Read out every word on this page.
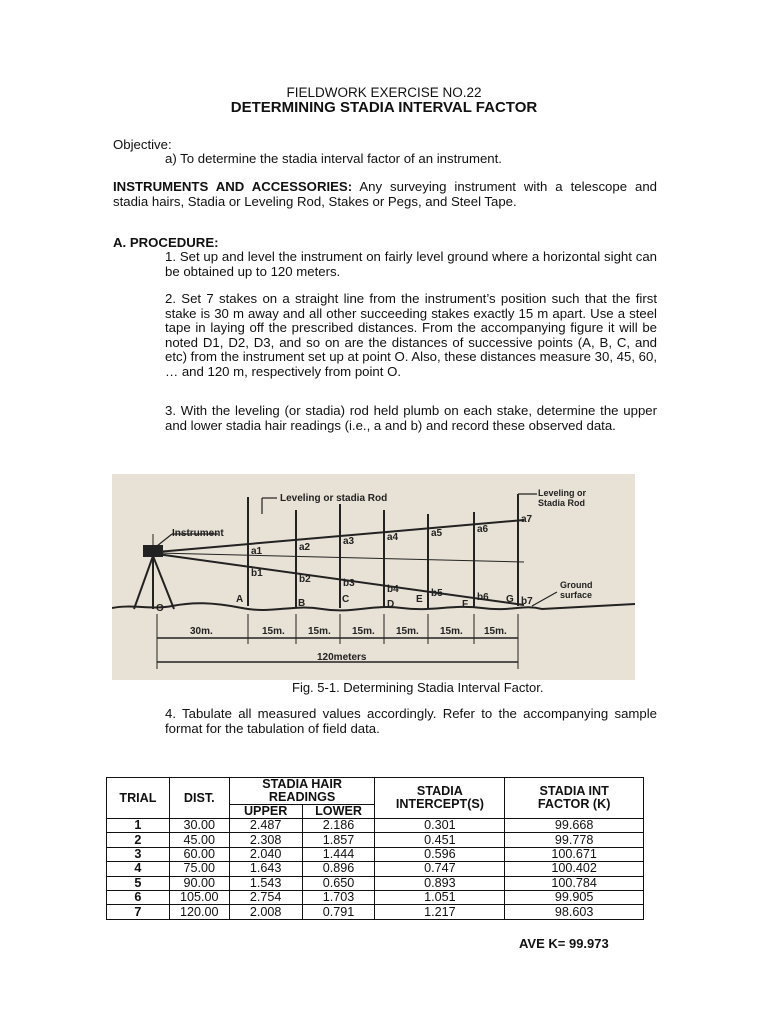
FIELDWORK EXERCISE NO.22
DETERMINING STADIA INTERVAL FACTOR
Objective:
a) To determine the stadia interval factor of an instrument.
INSTRUMENTS AND ACCESSORIES: Any surveying instrument with a telescope and stadia hairs, Stadia or Leveling Rod, Stakes or Pegs, and Steel Tape.
A. PROCEDURE:
1. Set up and level the instrument on fairly level ground where a horizontal sight can be obtained up to 120 meters.
2. Set 7 stakes on a straight line from the instrument’s position such that the first stake is 30 m away and all other succeeding stakes exactly 15 m apart. Use a steel tape in laying off the prescribed distances. From the accompanying figure it will be noted D1, D2, D3, and so on are the distances of successive points (A, B, C, and etc) from the instrument set up at point O. Also, these distances measure 30, 45, 60, … and 120 m, respectively from point O.
3. With the leveling (or stadia) rod held plumb on each stake, determine the upper and lower stadia hair readings (i.e., a and b) and record these observed data.
Instrument
Leveling or stadia Rod	Leveling or
Stadia Rod
Ground
surface
O
A	B	C	D E	F	G
a1	a2
a3	a4	a5	a6
a7
b1
b2	b3
b4	b5	b6	b7
30m.	15m. 15m. 15m. 15m. 15m. 15m.
120meters
Fig. 5-1. Determining Stadia Interval Factor.
4. Tabulate all measured values accordingly. Refer to the accompanying sample format for the tabulation of field data.
TRIAL	DIST.	STADIA HAIR READINGS		STADIA INTERCEPT(S)	STADIA INT FACTOR (K)
		UPPER	LOWER		
1	30.00	2.487	2.186	0.301	99.668
2	45.00	2.308	1.857	0.451	99.778
3	60.00	2.040	1.444	0.596	100.671
4	75.00	1.643	0.896	0.747	100.402
5	90.00	1.543	0.650	0.893	100.784
6	105.00	2.754	1.703	1.051	99.905
7	120.00	2.008	0.791	1.217	98.603
AVE K= 99.973
